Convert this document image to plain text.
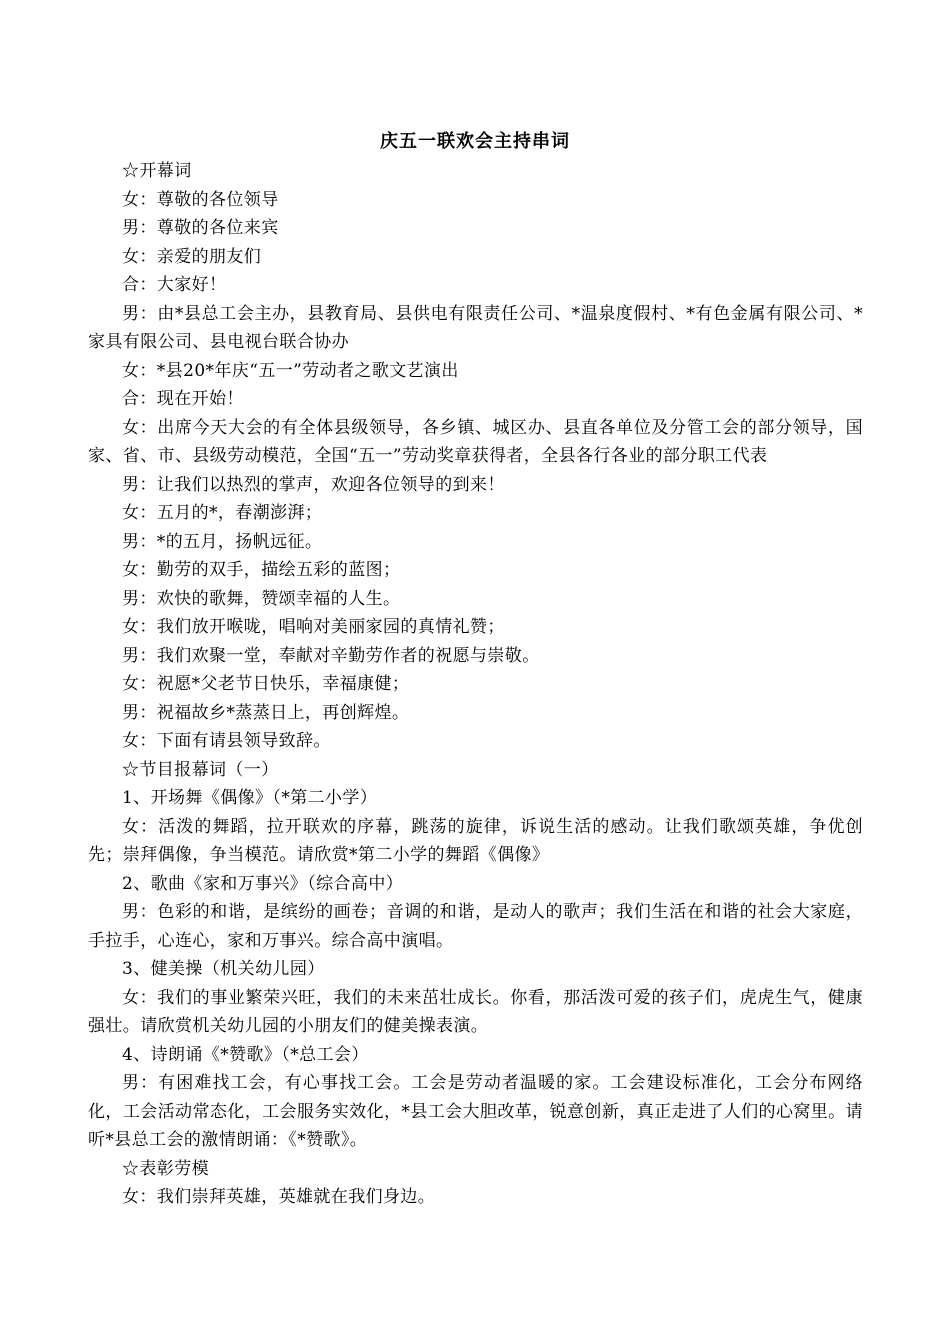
庆五一联欢会主持串词

☆开幕词

女：尊敬的各位领导

男：尊敬的各位来宾

女：亲爱的朋友们

合：大家好！

男：由*县总工会主办，县教育局、县供电有限责任公司、*温泉度假村、*有色金属有限公司、*家具有限公司、县电视台联合协办

女：*县20*年庆“五一”劳动者之歌文艺演出

合：现在开始！

女：出席今天大会的有全体县级领导，各乡镇、城区办、县直各单位及分管工会的部分领导，国家、省、市、县级劳动模范，全国“五一”劳动奖章获得者，全县各行各业的部分职工代表

男：让我们以热烈的掌声，欢迎各位领导的到来！

女：五月的*，春潮澎湃；

男：*的五月，扬帆远征。

女：勤劳的双手，描绘五彩的蓝图；

男：欢快的歌舞，赞颂幸福的人生。

女：我们放开喉咙，唱响对美丽家园的真情礼赞；

男：我们欢聚一堂，奉献对辛勤劳作者的祝愿与崇敬。

女：祝愿*父老节日快乐，幸福康健；

男：祝福故乡*蒸蒸日上，再创辉煌。

女：下面有请县领导致辞。

☆节目报幕词（一）

1、开场舞《偶像》（*第二小学）

女：活泼的舞蹈，拉开联欢的序幕，跳荡的旋律，诉说生活的感动。让我们歌颂英雄，争优创先；崇拜偶像，争当模范。请欣赏*第二小学的舞蹈《偶像》

2、歌曲《家和万事兴》（综合高中）

男：色彩的和谐，是缤纷的画卷；音调的和谐，是动人的歌声；我们生活在和谐的社会大家庭，手拉手，心连心，家和万事兴。综合高中演唱。

3、健美操（机关幼儿园）

女：我们的事业繁荣兴旺，我们的未来茁壮成长。你看，那活泼可爱的孩子们，虎虎生气，健康强壮。请欣赏机关幼儿园的小朋友们的健美操表演。

4、诗朗诵《*赞歌》（*总工会）

男：有困难找工会，有心事找工会。工会是劳动者温暖的家。工会建设标准化，工会分布网络化，工会活动常态化，工会服务实效化，*县工会大胆改革，锐意创新，真正走进了人们的心窝里。请听*县总工会的激情朗诵：《*赞歌》。

☆表彰劳模

女：我们崇拜英雄，英雄就在我们身边。
